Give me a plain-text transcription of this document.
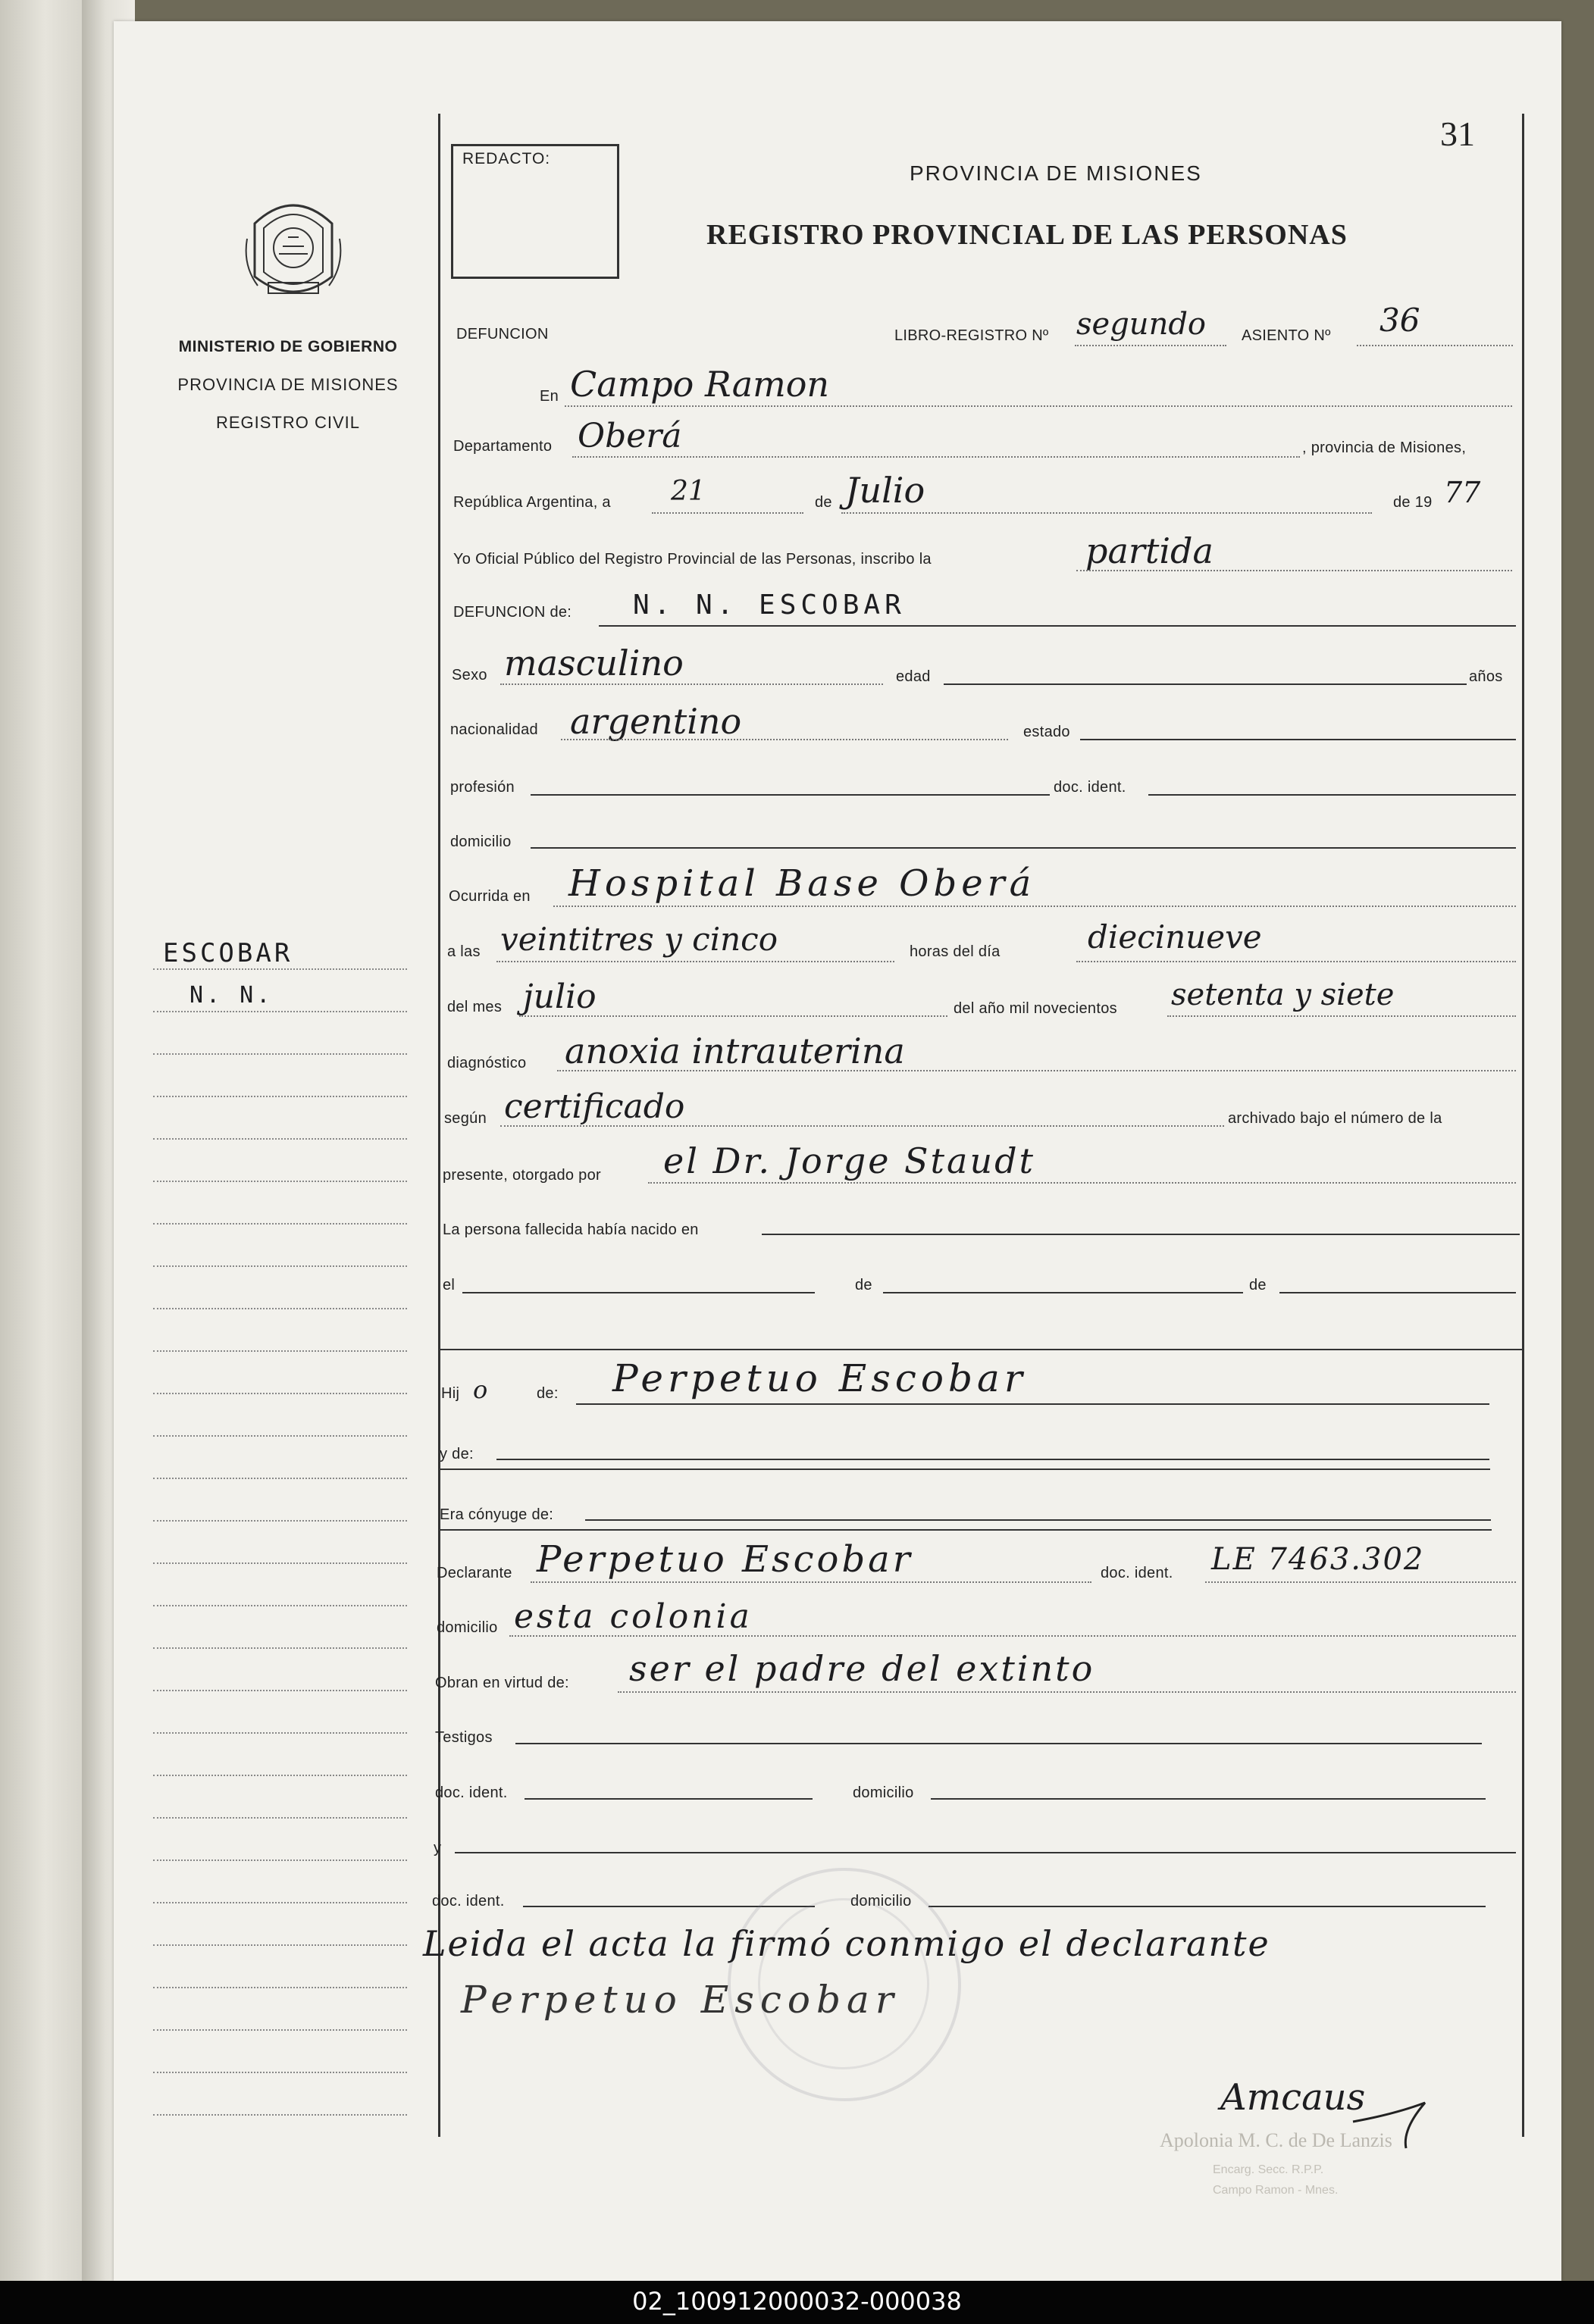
REDACTO:
31
PROVINCIA DE MISIONES
REGISTRO PROVINCIAL DE LAS PERSONAS
MINISTERIO DE GOBIERNO
PROVINCIA DE MISIONES
REGISTRO CIVIL
ESCOBAR
N. N.
DEFUNCION	LIBRO-REGISTRO Nº segundo ASIENTO Nº 36
En Campo Ramon
Departamento Oberá	, provincia de Misiones,
República Argentina, a 21	de Julio	de 19 77
Yo Oficial Público del Registro Provincial de las Personas, inscribo la	partida
DEFUNCION de: N. N. ESCOBAR
Sexo masculino	edad	años
nacionalidad argentino	estado
profesión	doc. ident.
domicilio
Ocurrida en Hospital Base Oberá
a las veintitres y cinco	horas del día	diecinueve
del mes julio	del año mil novecientos setenta y siete
diagnóstico anoxia intrauterina
según certificado	archivado bajo el número de la
presente, otorgado por el Dr. Jorge Staudt
La persona fallecida había nacido en
el	de	de
Hij o	de: Perpetuo Escobar
y de:
Era cónyuge de:
Declarante Perpetuo Escobar	doc. ident. LE 7463.302
domicilio esta colonia
Obran en virtud de: ser el padre del extinto
Testigos
doc. ident.	domicilio
y
doc. ident.	domicilio
Leida el acta la firmó conmigo el declarante
Perpetuo Escobar
Amcaus
Apolonia M. C. de De Lanzis
Encarg. Secc. R.P.P.
Campo Ramon - Mnes.
02_100912000032-000038
